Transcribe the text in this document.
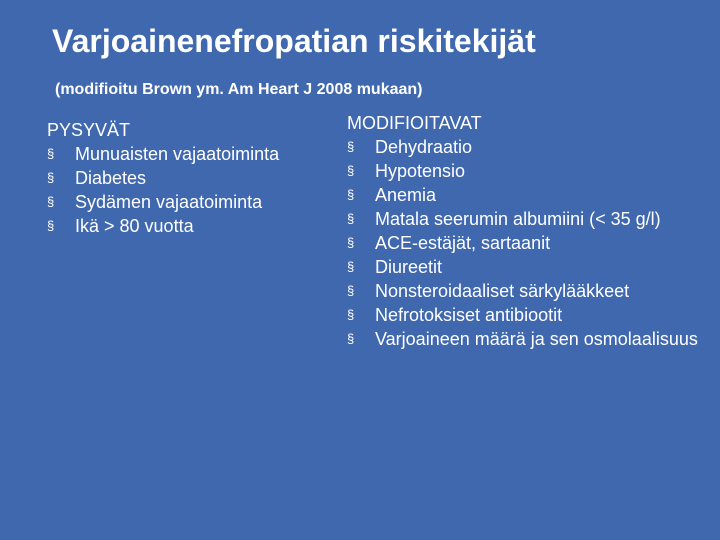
Varjoainenefropatian riskitekijät
(modifioitu Brown ym. Am Heart J 2008 mukaan)
PYSYVÄT
§ Munuaisten vajaatoiminta
§ Diabetes
§ Sydämen vajaatoiminta
§ Ikä > 80 vuotta
MODIFIOITAVAT
§ Dehydraatio
§ Hypotensio
§ Anemia
§ Matala seerumin albumiini (< 35 g/l)
§ ACE-estäjät, sartaanit
§ Diureetit
§ Nonsteroidaaliset särkylääkkeet
§ Nefrotoksiset antibiootit
§ Varjoaineen määrä ja sen osmolaalisuus
